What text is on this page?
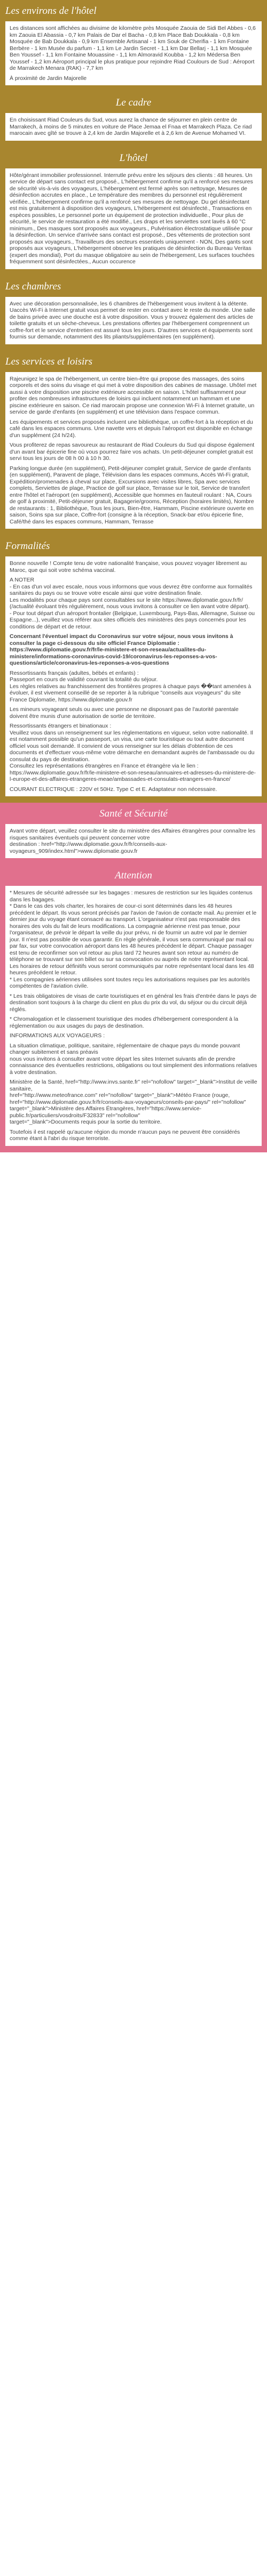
Les environs de l'hôtel

Les distances sont affichées au divisime de kilomètre près Mosquée Zaouia de Sidi Bel Abbes - 0,6 km Zaouia El Abassia - 0,7 km Palais de Dar el Bacha - 0,8 km Place Bab Doukkala - 0,8 km Mosquée de Bab Doukkala - 0,9 km Ensemble Artisanal - 1 km Souk de Cherifia - 1 km Fontaine Berbère - 1 km Musée du parfum - 1,1 km Le Jardin Secret - 1,1 km Dar Bellarj - 1,1 km Mosquée Ben Youssef - 1,1 km Fontaine Mouassine - 1,1 km Almoravid Koubba - 1,2 km Médersa Ben Youssef - 1,2 km Aéroport principal le plus pratique pour rejoindre Riad Coulours de Sud : Aéroport de Marrakech Menara (RAK) - 7,7 km

À proximité de Jardin Majorelle

Le cadre

En choisissant Riad Couleurs du Sud, vous aurez la chance de séjourner en plein centre de Marrakech, à moins de 5 minutes en voiture de Place Jemaa el Fnaa et Marrakech Plaza. Ce riad marocain avec gîté se trouve à 2,4 km de Jardin Majorelle et à 2,6 km de Avenue Mohamed VI.

L'hôtel

Hôte/gérant immobilier professionnel. Interrutle prévu entre les séjours des clients : 48 heures. Un service de départ sans contact est proposé., L'hébergement confirme qu'il a renforcé ses mesures de sécurité vis-à-vis des voyageurs, L'hébergement est fermé après son nettoyage, Mesures de désinfection accrutes en place., Le température des membres du personnel est régulièrement vérifiée., L'hébergement confirme qu'il a renforcé ses mesures de nettoyage. Du gel désinfectant est mis gratuitement à disposition des voyageurs, L'hébergement est désinfecté., Transactions en espèces possibles, Le personnel porte un équipement de protection individuelle., Pour plus de sécurité, le service de restauration a été modifié., Les draps et les serviettes sont lavés à 60 °C minimum., Des masques sont proposés aux voyageurs., Pulvérisation électrostatique utilisée pour la désinfection. Un service d'arrivée sans contact est proposé., Des vêtements de protection sont proposés aux voyageurs., Travailleurs des secteurs essentiels uniquement - NON, Des gants sont proposés aux voyageurs, L'hébergement observe les pratiques de désinfection du Bureau Veritas (expert des mondial), Port du masque obligatoire au sein de l'hébergement, Les surfaces touchées fréquemment sont désinfectées., Aucun occurence

Les chambres

Avec une décoration personnalisée, les 6 chambres de l'hébergement vous invitent à la détente. Uaccès Wi-Fi à Internet gratuit vous permet de rester en contact avec le reste du monde. Une salle de bains privée avec une douche est à votre disposition. Vous y trouvez également des articles de toilette gratuits et un sèche-cheveux. Les prestations offertes par l'hébergement comprennent un coffre-fort et le service d'entretien est assuré tous les jours. D'autres services et équipements sont fournis sur demande, notamment des lits pliants/supplémentaires (en supplément).

Les services et loisirs

Rajeunigez le spa de l'hébergement, un centre bien-être qui propose des massages, des soins corporels et des soins du visage et qui met à votre disposition des cabines de massage. Uhôtel met aussi à votre disposition une piscine extérieure accessible en saison. L'hôtel suffisamment pour profiter des nombreuses infrastructures de loisirs qui incluent notamment un hammam et une piscine extérieure en saison. Ce riad marocain propose une connexion Wi-Fi à Internet gratuite, un service de garde d'enfants (en supplément) et une télévision dans l'espace commun.

Les équipements et services proposés incluent une bibliothèque, un coffre-fort à la réception et du café dans les espaces communs. Une navette vers et depuis l'aéroport est disponible en échange d'un supplément (24 h/24).

Vous profiterez de repas savoureux au restaurant de Riad Couleurs du Sud qui dispose également d'un avant bar épicerie fine où vous pourrez faire vos achats. Un petit-déjeuner complet gratuit est servi tous les jours de 08 h 00 à 10 h 30.

Parking longue durée (en supplément), Petit-déjeuner complet gratuit, Service de garde d'enfants (en supplément), Paravent de plage, Télévision dans les espaces communs, Accès Wi-Fi gratuit, Expédition/promenades à cheval sur place, Excursions avec visites libres, Spa avec services complets, Serviettes de plage, Practice de golf sur place, Terrasse sur le toit, Service de transfert entre l'hôtel et l'aéroport (en supplément), Accessible que hommes en fauteuil roulant : NA, Cours de golf à proximité, Petit-déjeuner gratuit, Bagagerie/grooms, Réception (horaires limités), Nombre de restaurants : 1, Bibliothèque, Tous les jours, Bien-être, Hammam, Piscine extérieure ouverte en saison, Soins spa sur place, Coffre-fort (consigne à la réception, Snack-bar et/ou épicerie fine, Café/thé dans les espaces communs, Hammam, Terrasse

Formalités

Bonne nouvelle ! Compte tenu de votre nationalité française, vous pouvez voyager librement au Maroc, que qui soit votre schéma vaccinal.

A NOTER
- En cas d'un vol avec escale, nous vous informons que vous devrez être conforme aux formalités sanitaires du pays ou se trouve votre escale ainsi que votre destination finale.
Les modalités pour chaque pays sont consultables sur le site https://www.diplomatie.gouv.fr/fr/ (/actualité évoluant très régulièrement, nous vous invitons à consulter ce lien avant votre départ).
- Pour tout départ d'un aéroport frontalier (Belgique, Luxembourg, Pays-Bas, Allemagne, Suisse ou Espagne...), veuillez vous référer aux sites officiels des ministères des pays concernés pour les conditions de départ et de retour.

Concernant l'éventuel impact du Coronavirus sur votre séjour, nous vous invitons à consulter la page ci-dessous du site officiel France Diplomatie : https://www.diplomatie.gouv.fr/fr/le-ministere-et-son-reseau/actualites-du-ministere/informations-coronavirus-covid-19/coronavirus-les-reponses-a-vos-questions/article/coronavirus-les-reponses-a-vos-questions

Ressortissants français (adultes, bébés et enfants) :
Passeport en cours de validité couvrant la totalité du séjour.
Les règles relatives au franchissement des frontières propres à chaque pays ��tant amenées à évoluer, il est vivement conseillé de se reporter à la rubrique "conseils aux voyageurs" du site France Diplomatie, https://www.diplomatie.gouv.fr

Les mineurs voyageant seuls ou avec une personne ne disposant pas de l'autorité parentale doivent être munis d'une autorisation de sortie de territoire.

Ressortissants étrangers et binationaux :
Veuillez vous dans un renseignement sur les réglementations en vigueur, selon votre nationalité. Il est notamment possible qu'un passeport, un visa, une carte touristique ou tout autre document officiel vous soit demandé. Il convient de vous renseigner sur les délais d'obtention de ces documents et d'effectuer vous-même votre démarche en demandant auprès de l'ambassade ou du consulat du pays de destination.
Consultez les représentations étrangères en France et étrangère via le lien : https://www.diplomatie.gouv.fr/fr/le-ministere-et-son-reseau/annuaires-et-adresses-du-ministere-de-l-europe-et-des-affaires-etrangeres-meae/ambassades-et-consulats-etrangers-en-france/

COURANT ELECTRIQUE : 220V et 50Hz. Type C et E. Adaptateur non nécessaire.

Santé et Sécurité

Avant votre départ, veuillez consulter le site du ministère des Affaires étrangères pour connaître les risques sanitaires éventuels qui peuvent concerner votre
destination : href="http://www.diplomatie.gouv.fr/fr/conseils-aux-voyageurs_909/index.html">www.diplomatie.gouv.fr

Attention

* Mesures de sécurité adressée sur les bagages : mesures de restriction sur les liquides contenus dans les bagages.
* Dans le cas des vols charter, les horaires de cour-ci sont déterminés dans les 48 heures précédent le départ. Ils vous seront précisés par l'avion de l'avion de contacte mail. Au premier et le dernier jour du voyage étant consacré au transport. L'organisateur n'est pas responsable des horaires des vols du fait de leurs modifications. La compagnie aérienne n'est pas tenue, pour l'organisateur, de prévoir le départ la veille du jour prévu, ni de fournir un autre vol par le dernier jour. Il n'est pas possible de vous garantir. En règle générale, il vous sera communiqué par mail ou par fax, sur votre convocation aéroport dans les 48 heures précédent le départ. Chaque passager est tenu de reconfirmer son vol retour au plus tard 72 heures avant son retour au numéro de téléphone se trouvant sur son billet ou sur sa convocation ou auprès de notre représentant local. Les horaires de retour définitifs vous seront communiqués par notre représentant local dans les 48 heures précédent le retour.
* Les compagnies aériennes utilisées sont toutes reçu les autorisations requises par les autorités compétentes de l'aviation civile.

* Les trais obligatoires de visas de carte touristiques et en général les frais d'entrée dans le pays de destination sont toujours à la charge du client en plus du prix du vol, du séjour ou du circuit déjà réglés.

* Chromalogation et le classement touristique des modes d'hébergement correspondent à la réglementation ou aux usages du pays de destination.

INFORMATIONS AUX VOYAGEURS :

La situation climatique, politique, sanitaire, réglementaire de chaque pays du monde pouvant changer subitement et sans préavis
nous vous invitons à consulter avant votre départ les sites Internet suivants afin de prendre connaissance des éventuelles restrictions, obligations ou tout simplement des informations relatives à votre destination.

Ministère de la Santé, href="http://www.invs.sante.fr" rel="nofollow" target="_blank">Institut de veille sanitaire,
href="http://www.meteofrance.com" rel="nofollow" target="_blank">Météo France (rouge, href="http://www.diplomatie.gouv.fr/fr/conseils-aux-voyageurs/conseils-par-pays/" rel="nofollow"
target="_blank">Ministère des Affaires Étrangères, href="https://www.service-public.fr/particuliers/vosdroits/F32833" rel="nofollow"
target="_blank">Documents requis pour la sortie du territoire.

Toutefois il est rappelé qu'aucune région du monde n'aucun pays ne peuvent être considérés comme étant à l'abri du risque terroriste.
